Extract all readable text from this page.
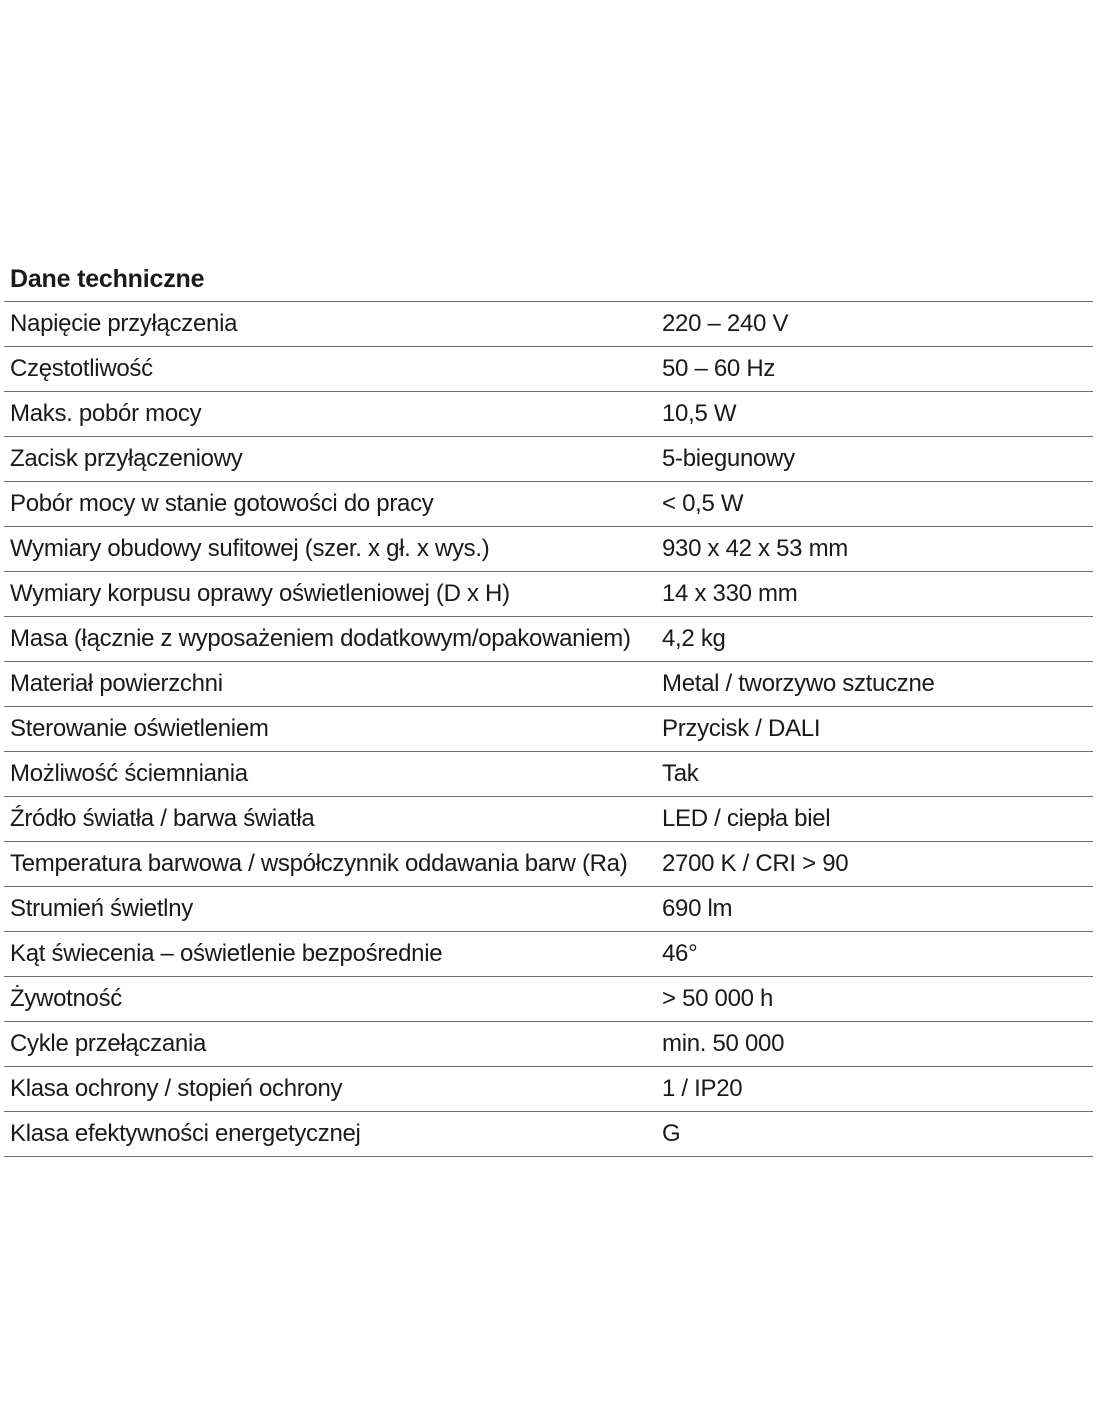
Dane techniczne
Napięcie przyłączenia	220 – 240 V
Częstotliwość	50 – 60 Hz
Maks. pobór mocy	10,5 W
Zacisk przyłączeniowy	5-biegunowy
Pobór mocy w stanie gotowości do pracy	< 0,5 W
Wymiary obudowy sufitowej (szer. x gł. x wys.)	930 x 42 x 53 mm
Wymiary korpusu oprawy oświetleniowej (D x H)	14 x 330 mm
Masa (łącznie z wyposażeniem dodatkowym/opakowaniem)	4,2 kg
Materiał powierzchni	Metal / tworzywo sztuczne
Sterowanie oświetleniem	Przycisk / DALI
Możliwość ściemniania	Tak
Źródło światła / barwa światła	LED / ciepła biel
Temperatura barwowa / współczynnik oddawania barw (Ra)	2700 K / CRI > 90
Strumień świetlny	690 lm
Kąt świecenia – oświetlenie bezpośrednie	46°
Żywotność	> 50 000 h
Cykle przełączania	min. 50 000
Klasa ochrony / stopień ochrony	1 / IP20
Klasa efektywności energetycznej	G
